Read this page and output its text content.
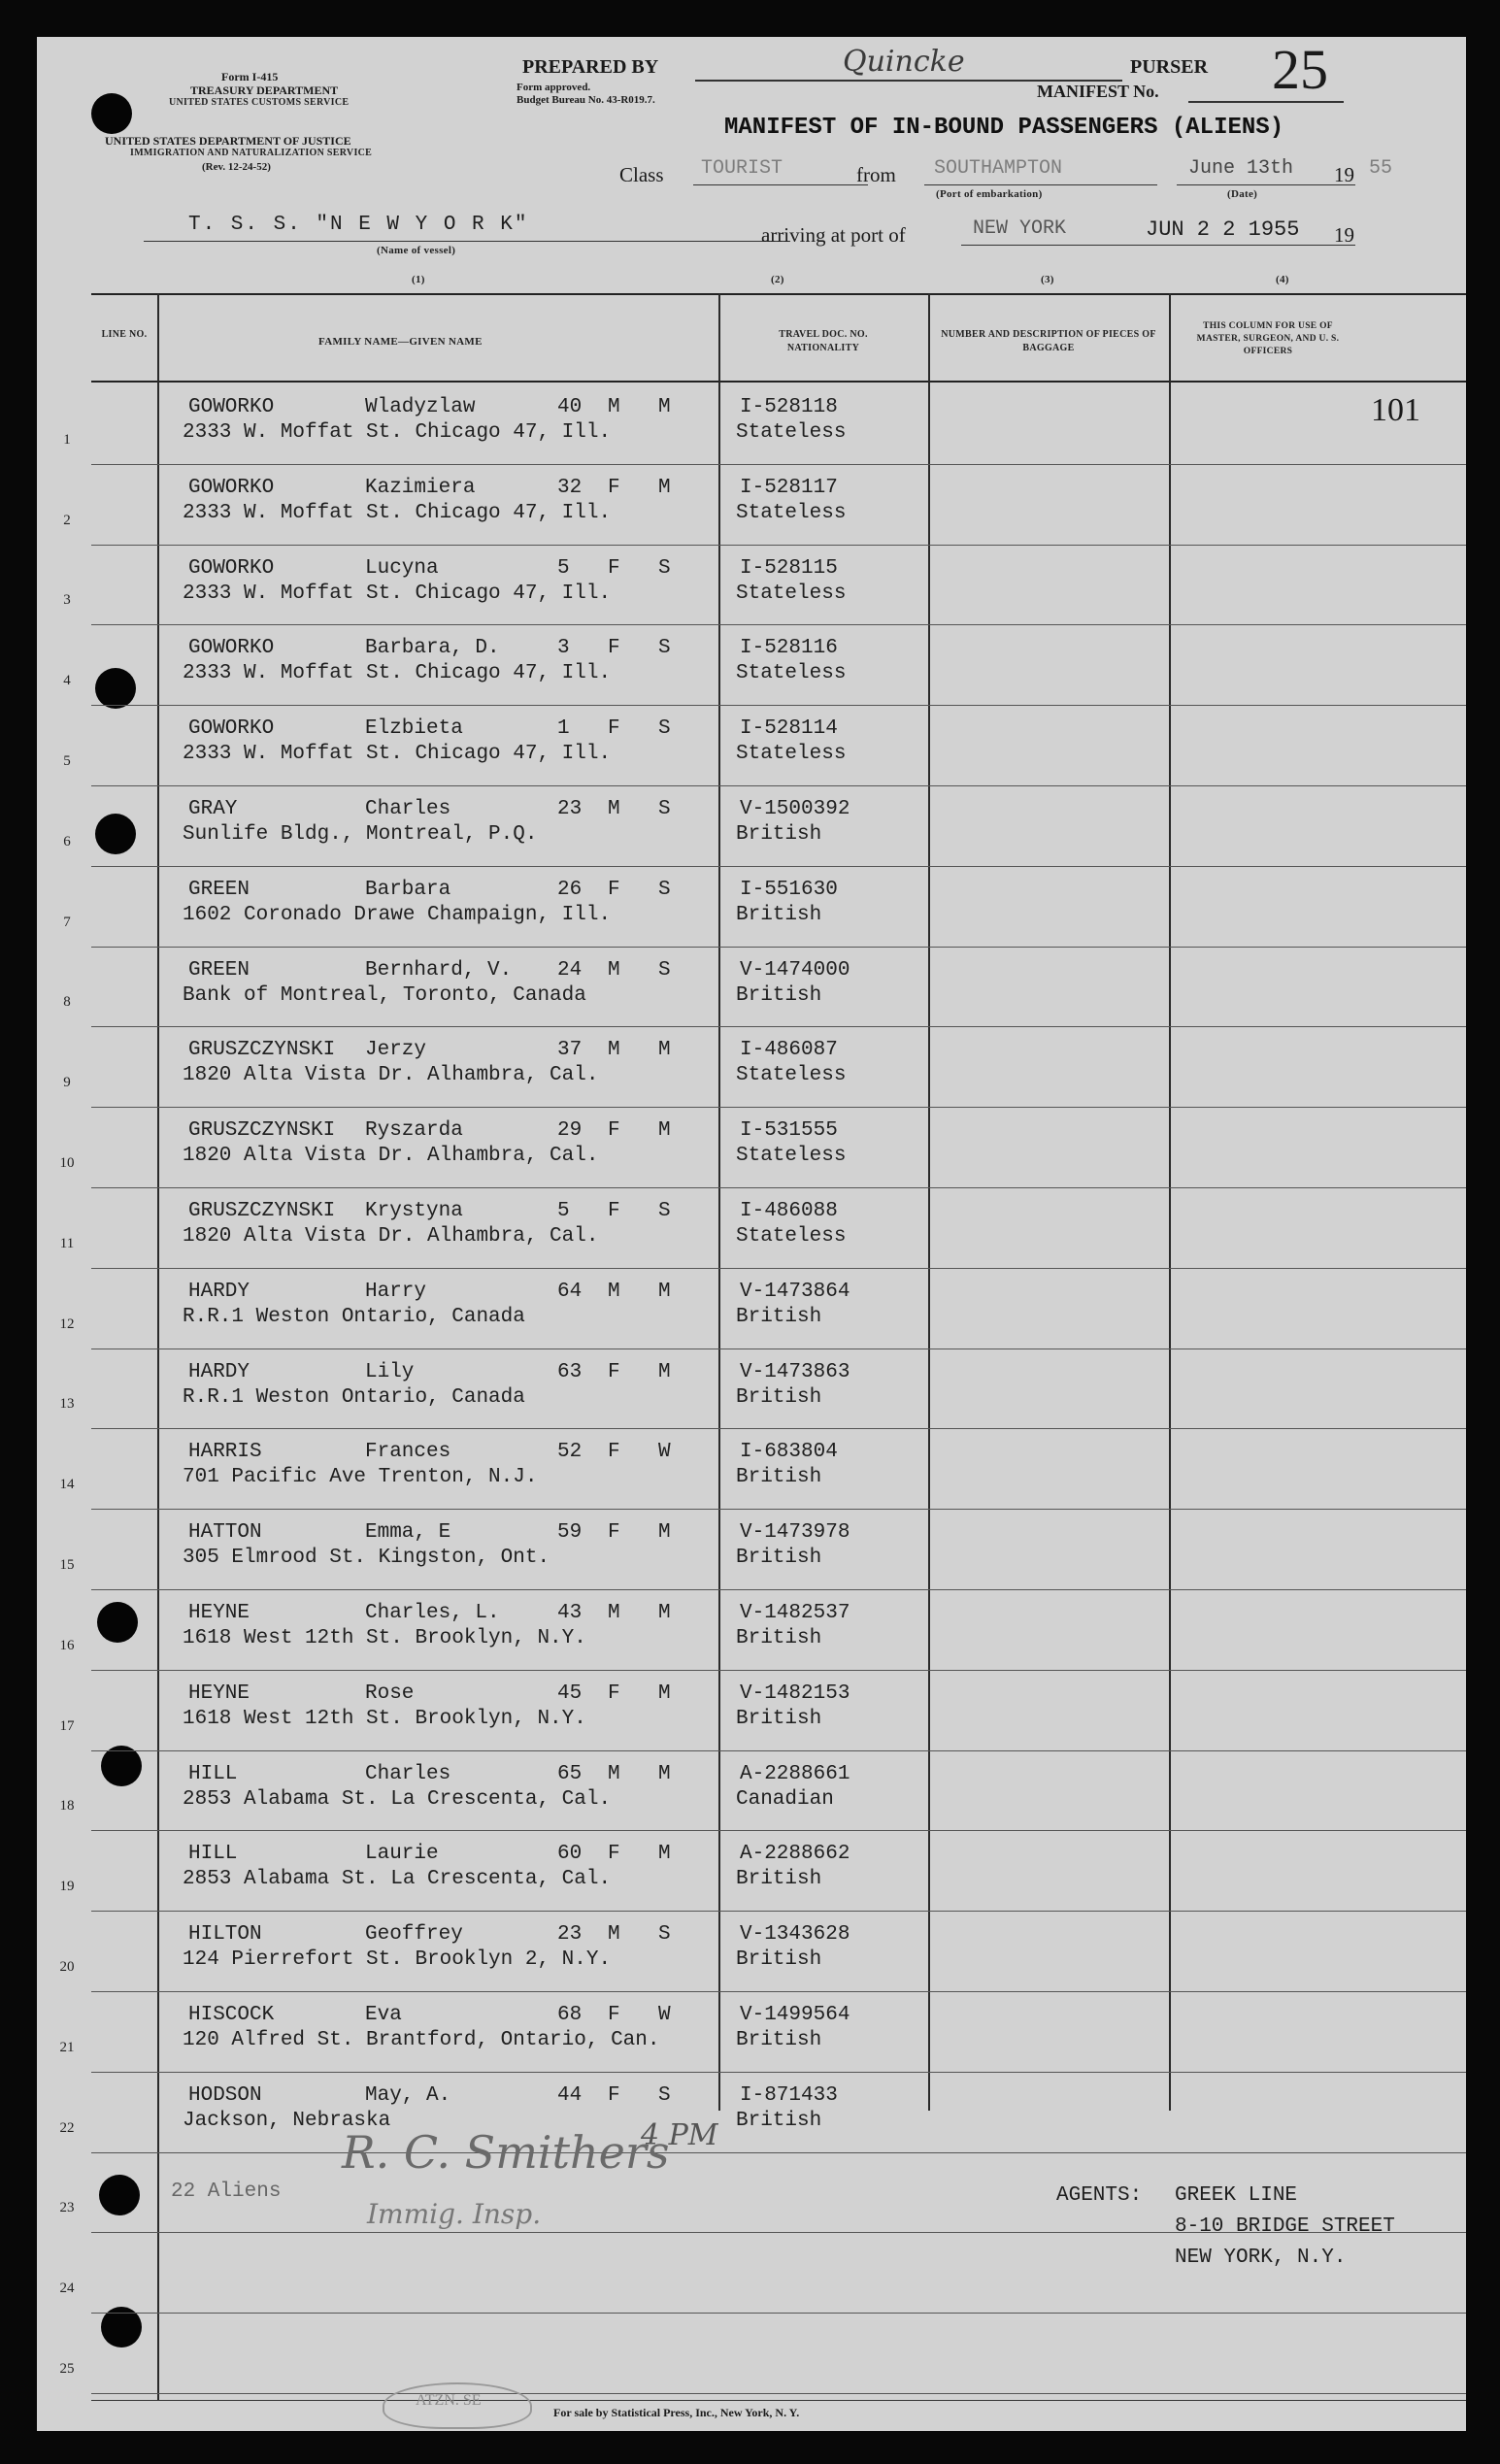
Form I-415
TREASURY DEPARTMENT
UNITED STATES CUSTOMS SERVICE
UNITED STATES DEPARTMENT OF JUSTICE
IMMIGRATION AND NATURALIZATION SERVICE
(Rev. 12-24-52)
PREPARED BY	Quincke	PURSER
Form approved.
Budget Bureau No. 43-R019.7.	MANIFEST No. 25
MANIFEST OF IN-BOUND PASSENGERS (ALIENS)
Class TOURIST	from SOUTHAMPTON
(Port of embarkation)
June 13th 19 55
(Date)
T. S. S. "N E W Y O R K"
(Name of vessel)
arriving at port of	NEW YORK	JUN 2 2 1955 19
(1)	(2)	(3)	(4)
LINE NO.
FAMILY NAME—GIVEN NAME
TRAVEL DOC. NO. NATIONALITY
NUMBER AND DESCRIPTION OF PIECES OF BAGGAGE
THIS COLUMN FOR USE OF MASTER, SURGEON, AND U. S. OFFICERS
101
1
GOWORKO	Wladyzlaw	40 M M
2333 W. Moffat St. Chicago 47, Ill.
I-528118
Stateless
2
GOWORKO	Kazimiera	32 F M
2333 W. Moffat St. Chicago 47, Ill.
I-528117
Stateless
3
GOWORKO	Lucyna	5 F S
2333 W. Moffat St. Chicago 47, Ill.
I-528115
Stateless
4
GOWORKO	Barbara, D.	3 F S
2333 W. Moffat St. Chicago 47, Ill.
I-528116
Stateless
5
GOWORKO	Elzbieta	1 F S
2333 W. Moffat St. Chicago 47, Ill.
I-528114
Stateless
6
GRAY	Charles	23 M S
Sunlife Bldg., Montreal, P.Q.
V-1500392
British
7
GREEN	Barbara	26 F S
1602 Coronado Drawe Champaign, Ill.
I-551630
British
8
GREEN	Bernhard, V. 24 M S
Bank of Montreal, Toronto, Canada
V-1474000
British
9
GRUSZCZYNSKI Jerzy	37 M M
1820 Alta Vista Dr. Alhambra, Cal.
I-486087
Stateless
10
GRUSZCZYNSKI Ryszarda	29 F M
1820 Alta Vista Dr. Alhambra, Cal.
I-531555
Stateless
11
GRUSZCZYNSKI Krystyna	5 F S
1820 Alta Vista Dr. Alhambra, Cal.
I-486088
Stateless
12
HARDY	Harry	64 M M
R.R.1 Weston Ontario, Canada
V-1473864
British
13
HARDY	Lily	63 F M
R.R.1 Weston Ontario, Canada
V-1473863
British
14
HARRIS	Frances	52 F W
701 Pacific Ave Trenton, N.J.
I-683804
British
15
HATTON	Emma, E	59 F M
305 Elmrood St. Kingston, Ont.
V-1473978
British
16
HEYNE	Charles, L.	43 M M
1618 West 12th St. Brooklyn, N.Y.
V-1482537
British
17
HEYNE	Rose	45 F M
1618 West 12th St. Brooklyn, N.Y.
V-1482153
British
18
HILL	Charles	65 M M
2853 Alabama St. La Crescenta, Cal.
A-2288661
Canadian
19
HILL	Laurie	60 F M
2853 Alabama St. La Crescenta, Cal.
A-2288662
British
20
HILTON	Geoffrey	23 M S
124 Pierrefort St. Brooklyn 2, N.Y.
V-1343628
British
21
HISCOCK	Eva	68 F W
120 Alfred St. Brantford, Ontario, Can.
V-1499564
British
22
HODSON	May, A.	44 F S
Jackson, Nebraska
I-871433
British
23
24
25
22 Aliens
R. C. Smithers
4 PM
Immig. Insp.
AGENTS: GREEK LINE
8-10 BRIDGE STREET
NEW YORK, N.Y.
ATZN. SE
For sale by Statistical Press, Inc., New York, N. Y.
